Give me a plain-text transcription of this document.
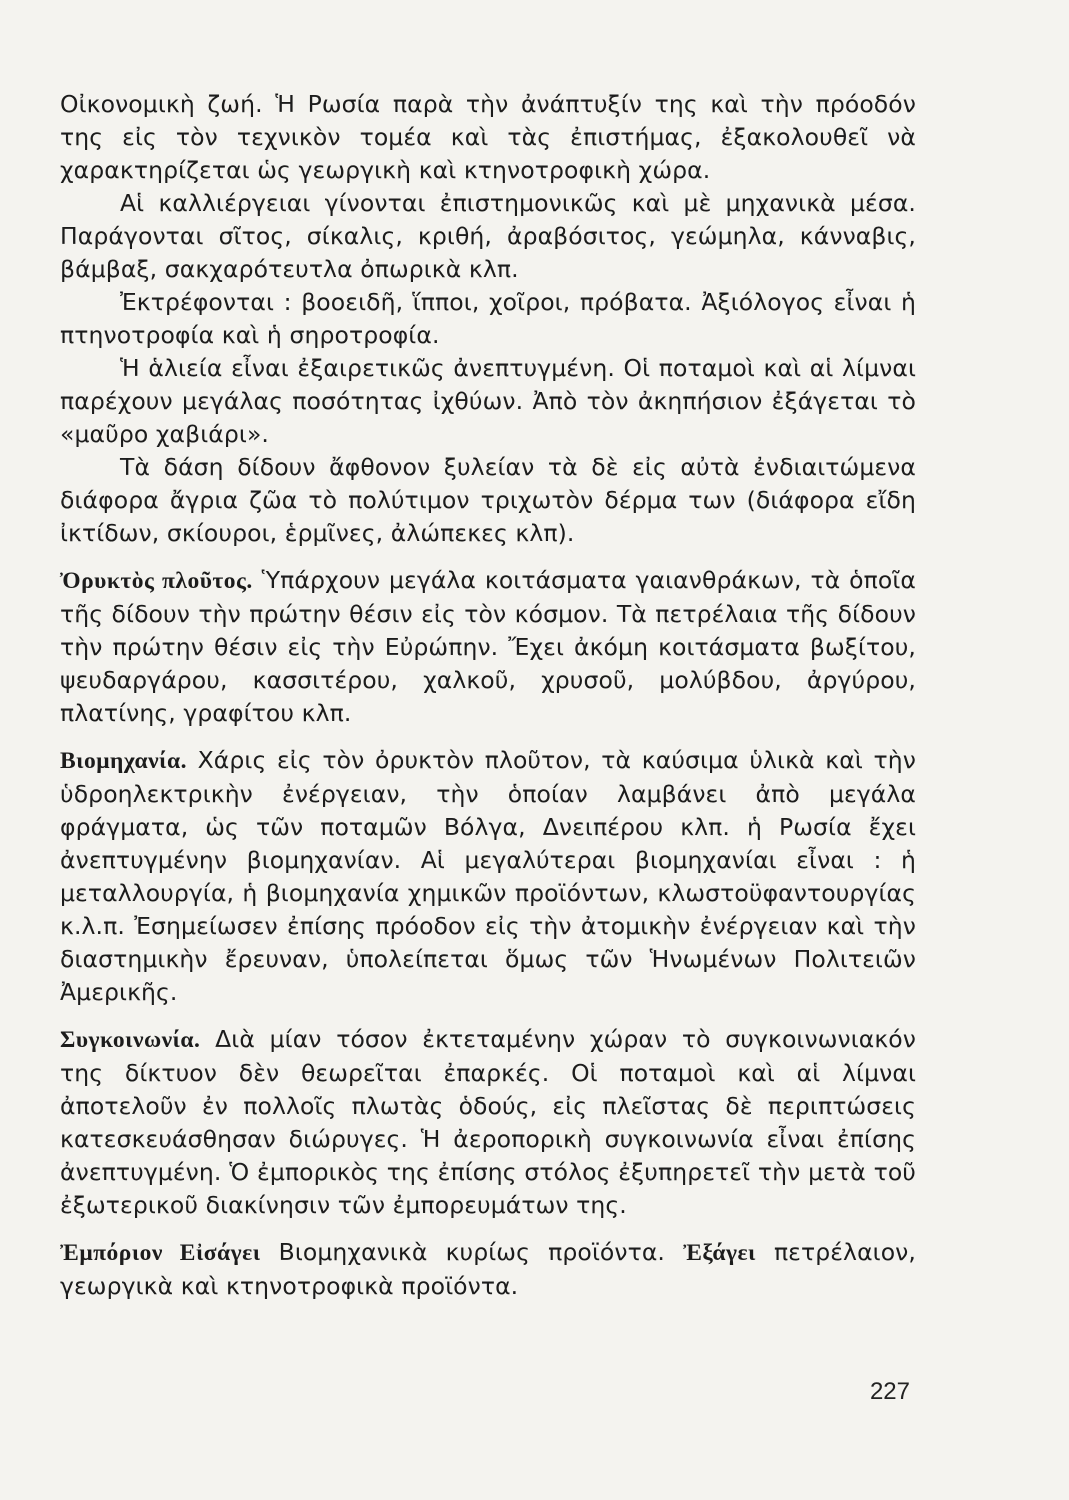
Οἰκονομικὴ ζωή. Ἡ Ρωσία παρὰ τὴν ἀνάπτυξίν της καὶ τὴν πρόοδόν της εἰς τὸν τεχνικὸν τομέα καὶ τὰς ἐπιστήμας, ἐξακολουθεῖ νὰ χαρακτηρίζεται ὡς γεωργικὴ καὶ κτηνοτροφικὴ χώρα.

Αἱ καλλιέργειαι γίνονται ἐπιστημονικῶς καὶ μὲ μηχανικὰ μέσα. Παράγονται σῖτος, σίκαλις, κριθή, ἀραβόσιτος, γεώμηλα, κάνναβις, βάμβαξ, σακχαρότευτλα ὀπωρικὰ κλπ.

Ἐκτρέφονται : βοοειδῆ, ἵπποι, χοῖροι, πρόβατα. Ἀξιόλογος εἶναι ἡ πτηνοτροφία καὶ ἡ σηροτροφία.

Ἡ ἁλιεία εἶναι ἐξαιρετικῶς ἀνεπτυγμένη. Οἱ ποταμοὶ καὶ αἱ λίμναι παρέχουν μεγάλας ποσότητας ἰχθύων. Ἀπὸ τὸν ἀκηπήσιον ἐξάγεται τὸ «μαῦρο χαβιάρι».

Τὰ δάση δίδουν ἄφθονον ξυλείαν τὰ δὲ εἰς αὐτὰ ἐνδιαιτώμενα διάφορα ἄγρια ζῶα τὸ πολύτιμον τριχωτὸν δέρμα των (διάφορα εἴδη ἰκτίδων, σκίουροι, ἑρμῖνες, ἀλώπεκες κλπ).

Ὀρυκτὸς πλοῦτος. Ὑπάρχουν μεγάλα κοιτάσματα γαιανθράκων, τὰ ὁποῖα τῆς δίδουν τὴν πρώτην θέσιν εἰς τὸν κόσμον. Τὰ πετρέλαια τῆς δίδουν τὴν πρώτην θέσιν εἰς τὴν Εὐρώπην. Ἔχει ἀκόμη κοιτάσματα βωξίτου, ψευδαργάρου, κασσιτέρου, χαλκοῦ, χρυσοῦ, μολύβδου, ἀργύρου, πλατίνης, γραφίτου κλπ.

Βιομηχανία. Χάρις εἰς τὸν ὀρυκτὸν πλοῦτον, τὰ καύσιμα ὑλικὰ καὶ τὴν ὑδροηλεκτρικὴν ἐνέργειαν, τὴν ὁποίαν λαμβάνει ἀπὸ μεγάλα φράγματα, ὡς τῶν ποταμῶν Βόλγα, Δνειπέρου κλπ. ἡ Ρωσία ἔχει ἀνεπτυγμένην βιομηχανίαν. Αἱ μεγαλύτεραι βιομηχανίαι εἶναι : ἡ μεταλλουργία, ἡ βιομηχανία χημικῶν προϊόντων, κλωστοϋφαντουργίας κ.λ.π. Ἐσημείωσεν ἐπίσης πρόοδον εἰς τὴν ἀτομικὴν ἐνέργειαν καὶ τὴν διαστημικὴν ἔρευναν, ὑπολείπεται ὅμως τῶν Ἡνωμένων Πολιτειῶν Ἀμερικῆς.

Συγκοινωνία. Διὰ μίαν τόσον ἐκτεταμένην χώραν τὸ συγκοινωνιακόν της δίκτυον δὲν θεωρεῖται ἐπαρκές. Οἱ ποταμοὶ καὶ αἱ λίμναι ἀποτελοῦν ἐν πολλοῖς πλωτὰς ὁδούς, εἰς πλεῖστας δὲ περιπτώσεις κατεσκευάσθησαν διώρυγες. Ἡ ἀεροπορικὴ συγκοινωνία εἶναι ἐπίσης ἀνεπτυγμένη. Ὁ ἐμπορικὸς της ἐπίσης στόλος ἐξυπηρετεῖ τὴν μετὰ τοῦ ἐξωτερικοῦ διακίνησιν τῶν ἐμπορευμάτων της.

Ἐμπόριον Εἰσάγει Βιομηχανικὰ κυρίως προϊόντα. Ἐξάγει πετρέλαιον, γεωργικὰ καὶ κτηνοτροφικὰ προϊόντα.

227
